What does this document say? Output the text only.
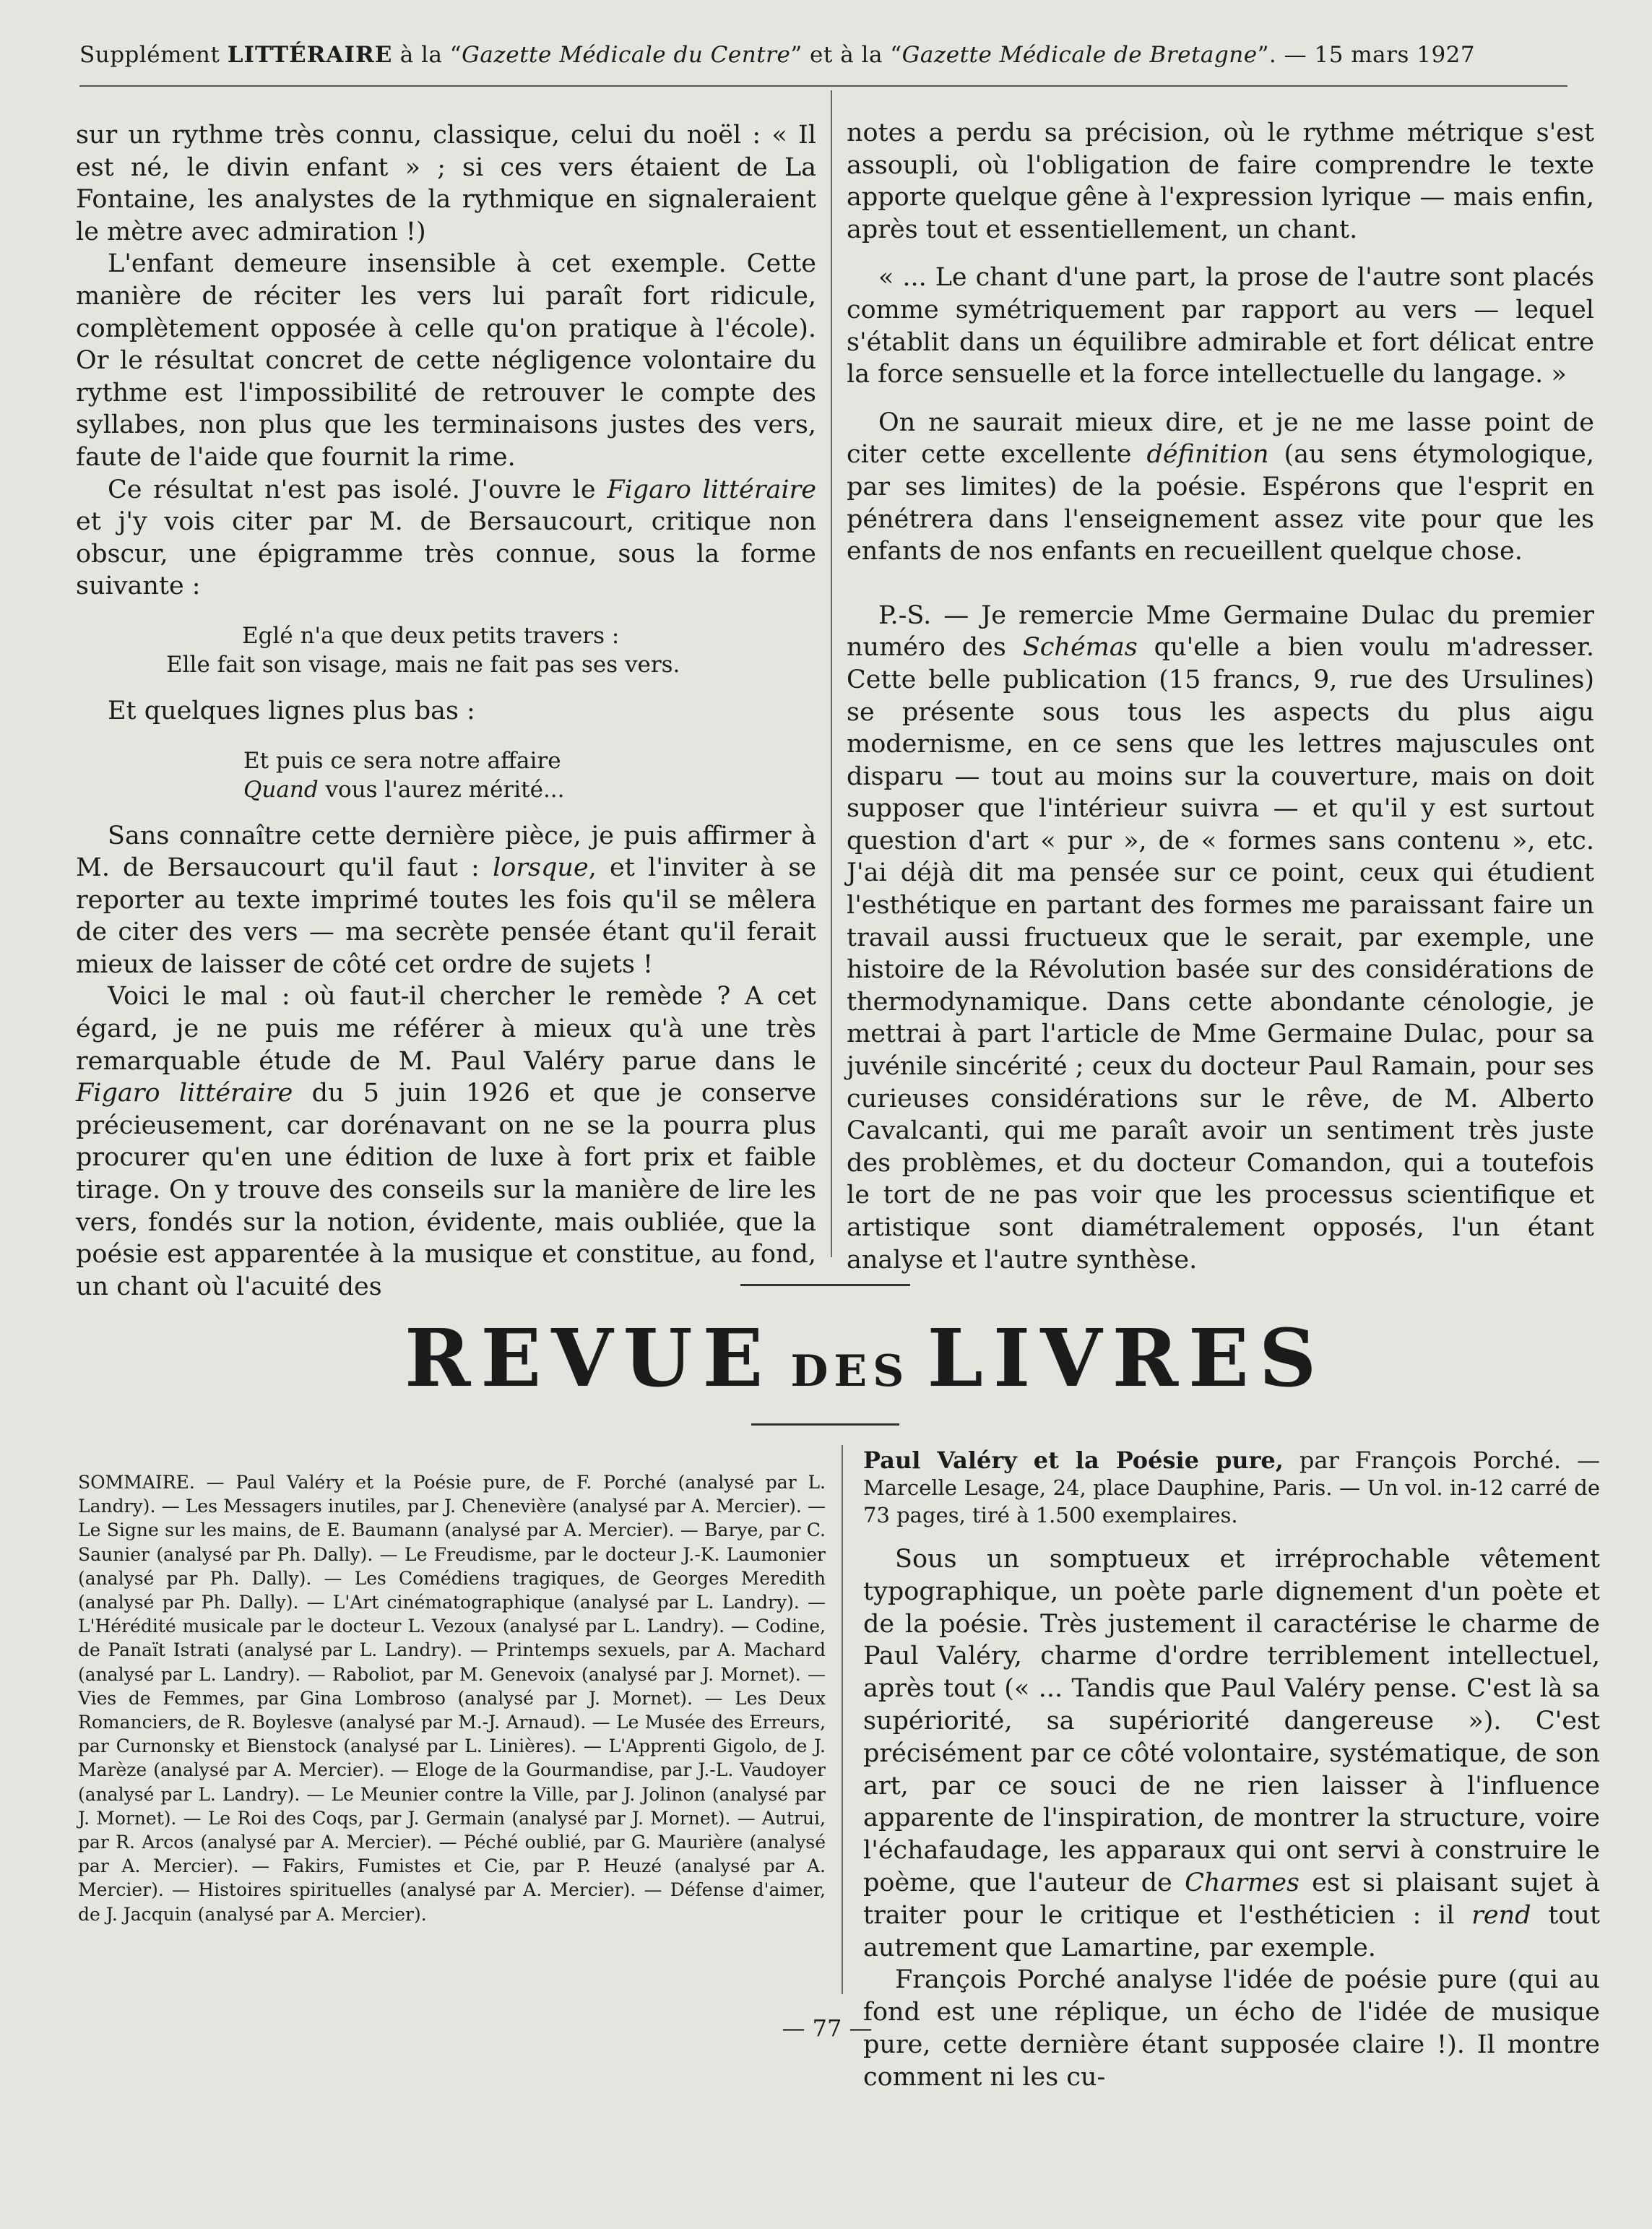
Supplément LITTÉRAIRE à la “Gazette Médicale du Centre” et à la “Gazette Médicale de Bretagne”. — 15 mars 1927

sur un rythme très connu, classique, celui du noël : « Il est né, le divin enfant » ; si ces vers étaient de La Fontaine, les analystes de la rythmique en signaleraient le mètre avec admiration !)

L'enfant demeure insensible à cet exemple. Cette manière de réciter les vers lui paraît fort ridicule, complètement opposée à celle qu'on pratique à l'école). Or le résultat concret de cette négligence volontaire du rythme est l'impossibilité de retrouver le compte des syllabes, non plus que les terminaisons justes des vers, faute de l'aide que fournit la rime.

Ce résultat n'est pas isolé. J'ouvre le Figaro littéraire et j'y vois citer par M. de Bersaucourt, critique non obscur, une épigramme très connue, sous la forme suivante :

Eglé n'a que deux petits travers :
Elle fait son visage, mais ne fait pas ses vers.

Et quelques lignes plus bas :

Et puis ce sera notre affaire
Quand vous l'aurez mérité...

Sans connaître cette dernière pièce, je puis affirmer à M. de Bersaucourt qu'il faut : lorsque, et l'inviter à se reporter au texte imprimé toutes les fois qu'il se mêlera de citer des vers — ma secrète pensée étant qu'il ferait mieux de laisser de côté cet ordre de sujets !

Voici le mal : où faut-il chercher le remède ? A cet égard, je ne puis me référer à mieux qu'à une très remarquable étude de M. Paul Valéry parue dans le Figaro littéraire du 5 juin 1926 et que je conserve précieusement, car dorénavant on ne se la pourra plus procurer qu'en une édition de luxe à fort prix et faible tirage. On y trouve des conseils sur la manière de lire les vers, fondés sur la notion, évidente, mais oubliée, que la poésie est apparentée à la musique et constitue, au fond, un chant où l'acuité des

notes a perdu sa précision, où le rythme métrique s'est assoupli, où l'obligation de faire comprendre le texte apporte quelque gêne à l'expression lyrique — mais enfin, après tout et essentiellement, un chant.

« ... Le chant d'une part, la prose de l'autre sont placés comme symétriquement par rapport au vers — lequel s'établit dans un équilibre admirable et fort délicat entre la force sensuelle et la force intellectuelle du langage. »

On ne saurait mieux dire, et je ne me lasse point de citer cette excellente définition (au sens étymologique, par ses limites) de la poésie. Espérons que l'esprit en pénétrera dans l'enseignement assez vite pour que les enfants de nos enfants en recueillent quelque chose.

P.-S. — Je remercie Mme Germaine Dulac du premier numéro des Schémas qu'elle a bien voulu m'adresser. Cette belle publication (15 francs, 9, rue des Ursulines) se présente sous tous les aspects du plus aigu modernisme, en ce sens que les lettres majuscules ont disparu — tout au moins sur la couverture, mais on doit supposer que l'intérieur suivra — et qu'il y est surtout question d'art « pur », de « formes sans contenu », etc. J'ai déjà dit ma pensée sur ce point, ceux qui étudient l'esthétique en partant des formes me paraissant faire un travail aussi fructueux que le serait, par exemple, une histoire de la Révolution basée sur des considérations de thermodynamique. Dans cette abondante cénologie, je mettrai à part l'article de Mme Germaine Dulac, pour sa juvénile sincérité ; ceux du docteur Paul Ramain, pour ses curieuses considérations sur le rêve, de M. Alberto Cavalcanti, qui me paraît avoir un sentiment très juste des problèmes, et du docteur Comandon, qui a toutefois le tort de ne pas voir que les processus scientifique et artistique sont diamétralement opposés, l'un étant analyse et l'autre synthèse.

REVUE DES LIVRES
SOMMAIRE. — Paul Valéry et la Poésie pure, de F. Porché (analysé par L. Landry). — Les Messagers inutiles, par J. Chenevière (analysé par A. Mercier). — Le Signe sur les mains, de E. Baumann (analysé par A. Mercier). — Barye, par C. Saunier (analysé par Ph. Dally). — Le Freudisme, par le docteur J.-K. Laumonier (analysé par Ph. Dally). — Les Comédiens tragiques, de Georges Meredith (analysé par Ph. Dally). — L'Art cinématographique (analysé par L. Landry). — L'Hérédité musicale par le docteur L. Vezoux (analysé par L. Landry). — Codine, de Panaït Istrati (analysé par L. Landry). — Printemps sexuels, par A. Machard (analysé par L. Landry). — Raboliot, par M. Genevoix (analysé par J. Mornet). — Vies de Femmes, par Gina Lombroso (analysé par J. Mornet). — Les Deux Romanciers, de R. Boylesve (analysé par M.-J. Arnaud). — Le Musée des Erreurs, par Curnonsky et Bienstock (analysé par L. Linières). — L'Apprenti Gigolo, de J. Marèze (analysé par A. Mercier). — Eloge de la Gourmandise, par J.-L. Vaudoyer (analysé par L. Landry). — Le Meunier contre la Ville, par J. Jolinon (analysé par J. Mornet). — Le Roi des Coqs, par J. Germain (analysé par J. Mornet). — Autrui, par R. Arcos (analysé par A. Mercier). — Péché oublié, par G. Maurière (analysé par A. Mercier). — Fakirs, Fumistes et Cie, par P. Heuzé (analysé par A. Mercier). — Histoires spirituelles (analysé par A. Mercier). — Défense d'aimer, de J. Jacquin (analysé par A. Mercier).
Paul Valéry et la Poésie pure, par François Porché. — Marcelle Lesage, 24, place Dauphine, Paris. — Un vol. in-12 carré de 73 pages, tiré à 1.500 exemplaires.

Sous un somptueux et irréprochable vêtement typographique, un poète parle dignement d'un poète et de la poésie. Très justement il caractérise le charme de Paul Valéry, charme d'ordre terriblement intellectuel, après tout (« ... Tandis que Paul Valéry pense. C'est là sa supériorité, sa supériorité dangereuse »). C'est précisément par ce côté volontaire, systématique, de son art, par ce souci de ne rien laisser à l'influence apparente de l'inspiration, de montrer la structure, voire l'échafaudage, les apparaux qui ont servi à construire le poème, que l'auteur de Charmes est si plaisant sujet à traiter pour le critique et l'esthéticien : il rend tout autrement que Lamartine, par exemple.

François Porché analyse l'idée de poésie pure (qui au fond est une réplique, un écho de l'idée de musique pure, cette dernière étant supposée claire !). Il montre comment ni les cu-

— 77 —
